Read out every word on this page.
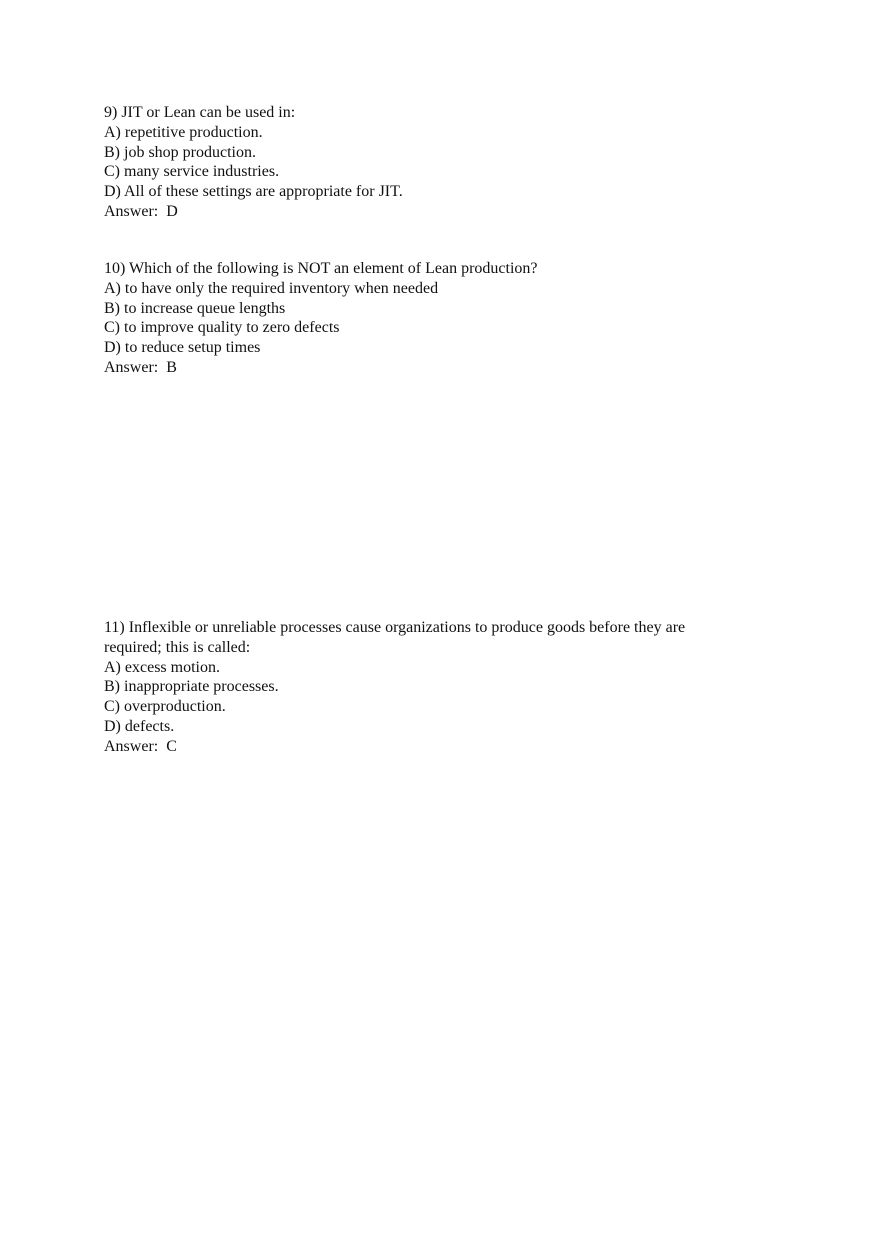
9) JIT or Lean can be used in:

A) repetitive production.

B) job shop production.

C) many service industries.

D) All of these settings are appropriate for JIT.

Answer:  D

10) Which of the following is NOT an element of Lean production?

A) to have only the required inventory when needed

B) to increase queue lengths

C) to improve quality to zero defects

D) to reduce setup times

Answer:  B

11) Inflexible or unreliable processes cause organizations to produce goods before they are

required; this is called:

A) excess motion.

B) inappropriate processes.

C) overproduction.

D) defects.

Answer:  C
